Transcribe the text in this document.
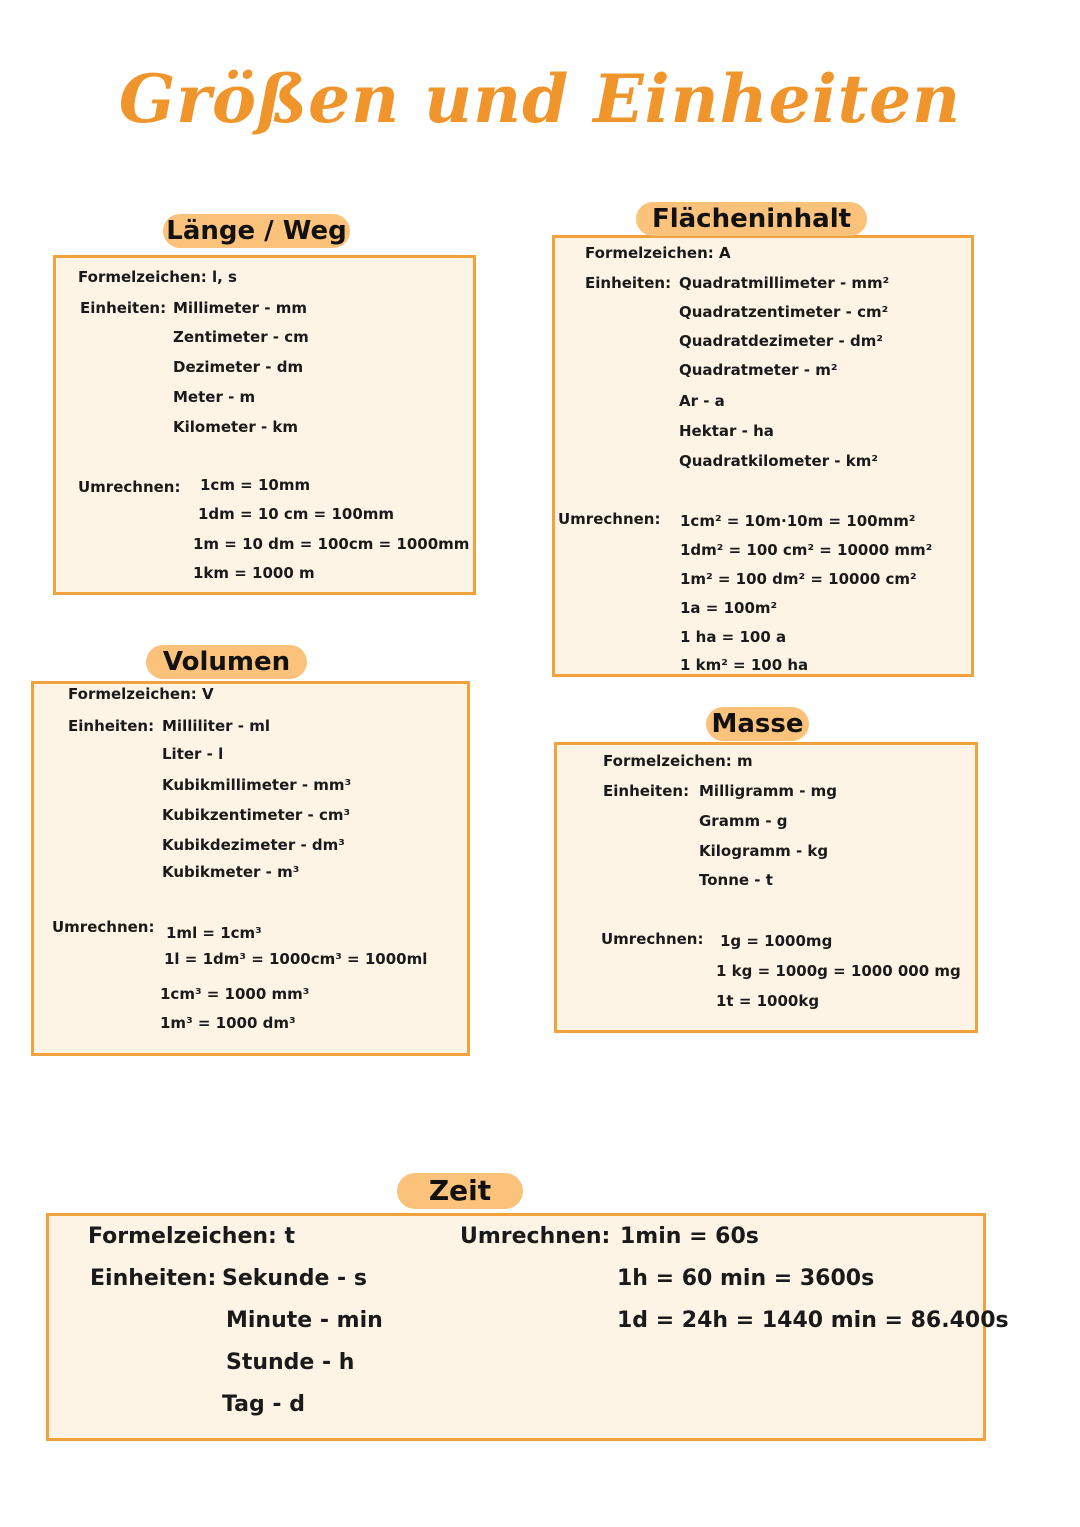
Größen und Einheiten
Länge / Weg
Formelzeichen: l, s
Einheiten: Millimeter - mm
Zentimeter - cm
Dezimeter - dm
Meter - m
Kilometer - km
Umrechnen: 1cm = 10mm
1dm = 10 cm = 100mm
1m = 10 dm = 100cm = 1000mm
1km = 1000 m
Flächeninhalt
Formelzeichen: A
Einheiten: Quadratmillimeter - mm²
Quadratzentimeter - cm²
Quadratdezimeter - dm²
Quadratmeter - m²
Ar - a
Hektar - ha
Quadratkilometer - km²
Umrechnen: 1cm² = 10m·10m = 100mm²
1dm² = 100 cm² = 10000 mm²
1m² = 100 dm² = 10000 cm²
1a = 100m²
1 ha = 100 a
1 km² = 100 ha
Volumen
Formelzeichen: V
Einheiten: Milliliter - ml
Liter - l
Kubikmillimeter - mm³
Kubikzentimeter - cm³
Kubikdezimeter - dm³
Kubikmeter - m³
Umrechnen: 1ml = 1cm³
1l = 1dm³ = 1000cm³ = 1000ml
1cm³ = 1000 mm³
1m³ = 1000 dm³
Masse
Formelzeichen: m
Einheiten: Milligramm - mg
Gramm - g
Kilogramm - kg
Tonne - t
Umrechnen: 1g = 1000mg
1 kg = 1000g = 1000 000 mg
1t = 1000kg
Zeit
Formelzeichen: t
Einheiten: Sekunde - s
Minute - min
Stunde - h
Tag - d
Umrechnen: 1min = 60s
1h = 60 min = 3600s
1d = 24h = 1440 min = 86.400s
